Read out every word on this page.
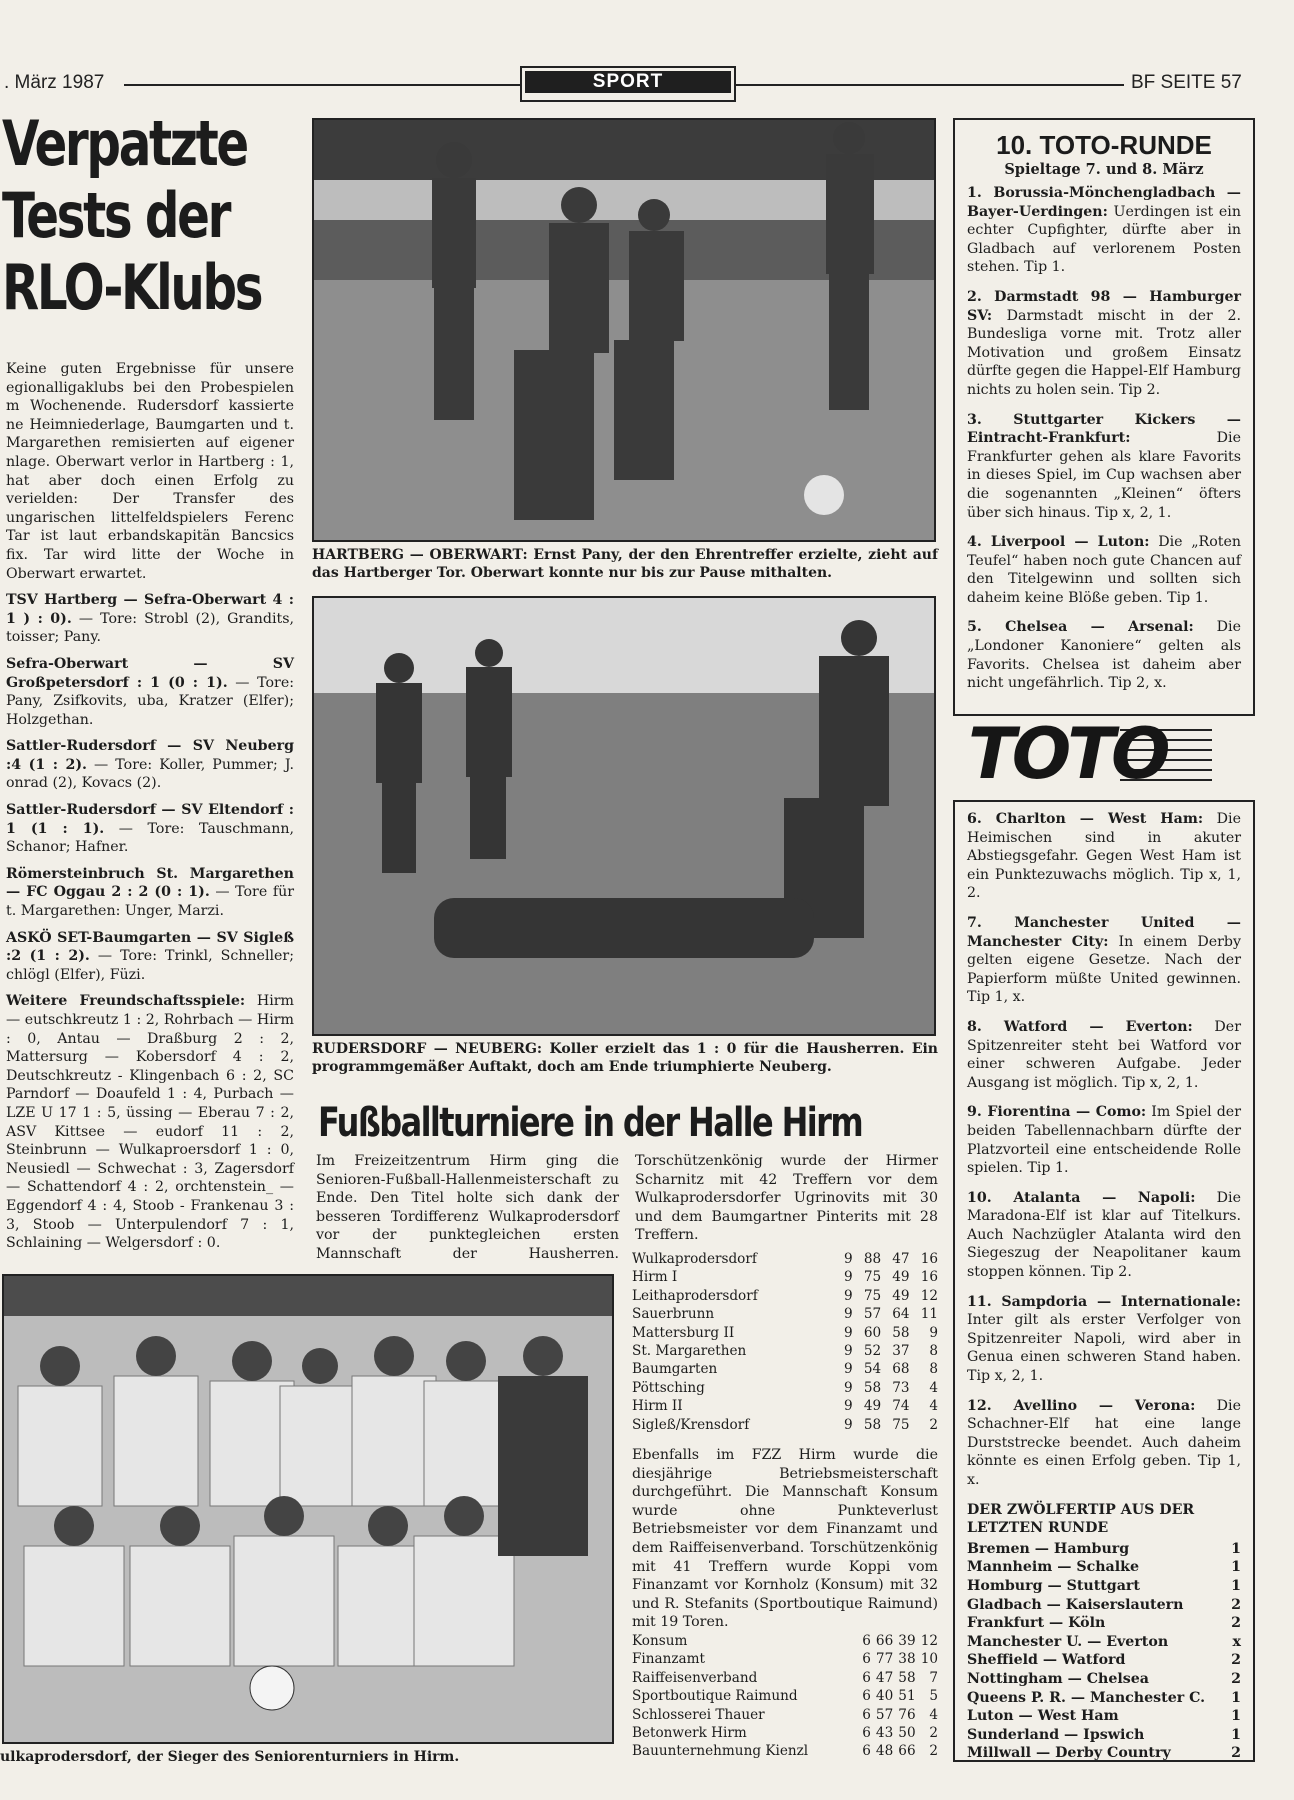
. März 1987	SPORT	BF SEITE 57
Verpatzte
Tests der
RLO-Klubs

Keine guten Ergebnisse für unsere egionalligaklubs bei den Probespielen m Wochenende. Rudersdorf kassierte ne Heimniederlage, Baumgarten und t. Margarethen remisierten auf eigener nlage. Oberwart verlor in Hartberg : 1, hat aber doch einen Erfolg zu verielden: Der Transfer des ungarischen littelfeldspielers Ferenc Tar ist laut erbandskapitän Bancsics fix. Tar wird litte der Woche in Oberwart erwartet.

TSV Hartberg — Sefra-Oberwart 4 : 1 ) : 0). — Tore: Strobl (2), Grandits, toisser; Pany.

Sefra-Oberwart — SV Großpetersdorf : 1 (0 : 1). — Tore: Pany, Zsifkovits, uba, Kratzer (Elfer); Holzgethan.

Sattler-Rudersdorf — SV Neuberg :4 (1 : 2). — Tore: Koller, Pummer; J. onrad (2), Kovacs (2).

Sattler-Rudersdorf — SV Eltendorf : 1 (1 : 1). — Tore: Tauschmann, Schanor; Hafner.

Römersteinbruch St. Margarethen — FC Oggau 2 : 2 (0 : 1). — Tore für t. Margarethen: Unger, Marzi.

ASKÖ SET-Baumgarten — SV Sigleß :2 (1 : 2). — Tore: Trinkl, Schneller; chlögl (Elfer), Füzi.

Weitere Freundschaftsspiele: Hirm — eutschkreutz 1 : 2, Rohrbach — Hirm : 0, Antau — Draßburg 2 : 2, Mattersurg — Kobersdorf 4 : 2, Deutschkreutz - Klingenbach 6 : 2, SC Parndorf — Doaufeld 1 : 4, Purbach — LZE U 17 1 : 5, üssing — Eberau 7 : 2, ASV Kittsee — eudorf 11 : 2, Steinbrunn — Wulkaproersdorf 1 : 0, Neusiedl — Schwechat : 3, Zagersdorf — Schattendorf 4 : 2, orchtenstein_ — Eggendorf 4 : 4, Stoob - Frankenau 3 : 3, Stoob — Unterpulendorf 7 : 1, Schlaining — Welgersdorf : 0.

HARTBERG — OBERWART: Ernst Pany, der den Ehrentreffer erzielte, zieht auf das Hartberger Tor. Oberwart konnte nur bis zur Pause mithalten.
RUDERSDORF — NEUBERG: Koller erzielt das 1 : 0 für die Hausherren. Ein programmgemäßer Auftakt, doch am Ende triumphierte Neuberg.
Fußballturniere in der Halle Hirm
Im Freizeitzentrum Hirm ging die Senioren-Fußball-Hallenmeisterschaft zu Ende. Den Titel holte sich dank der besseren Tordifferenz Wulkaprodersdorf vor der punktegleichen ersten Mannschaft der Hausherren. Torschützenkönig wurde der Hirmer Scharnitz mit 42 Treffern vor dem Wulkaprodersdorfer Ugrinovits mit 30 und dem Baumgartner Pinterits mit 28 Treffern.
Wulkaprodersdorf	9	88	47	16
Hirm I	9	75	49	16
Leithaprodersdorf	9	75	49	12
Sauerbrunn	9	57	64	11
Mattersburg II	9	60	58	9
St. Margarethen	9	52	37	8
Baumgarten	9	54	68	8
Pöttsching	9	58	73	4
Hirm II	9	49	74	4
Sigleß/Krensdorf	9	58	75	2
Ebenfalls im FZZ Hirm wurde die diesjährige Betriebsmeisterschaft durchgeführt. Die Mannschaft Konsum wurde ohne Punkteverlust Betriebsmeister vor dem Finanzamt und dem Raiffeisenverband. Torschützenkönig mit 41 Treffern wurde Koppi vom Finanzamt vor Kornholz (Konsum) mit 32 und R. Stefanits (Sportboutique Raimund) mit 19 Toren.
Konsum	6	66	39	12
Finanzamt	6	77	38	10
Raiffeisenverband	6	47	58	7
Sportboutique Raimund	6	40	51	5
Schlosserei Thauer	6	57	76	4
Betonwerk Hirm	6	43	50	2
Bauunternehmung Kienzl	6	48	66	2
ulkaprodersdorf, der Sieger des Seniorenturniers in Hirm.
10. TOTO-RUNDE
Spieltage 7. und 8. März

1. Borussia-Mönchengladbach — Bayer-Uerdingen: Uerdingen ist ein echter Cupfighter, dürfte aber in Gladbach auf verlorenem Posten stehen. Tip 1.

2. Darmstadt 98 — Hamburger SV: Darmstadt mischt in der 2. Bundesliga vorne mit. Trotz aller Motivation und großem Einsatz dürfte gegen die Happel-Elf Hamburg nichts zu holen sein. Tip 2.

3. Stuttgarter Kickers — Eintracht-Frankfurt: Die Frankfurter gehen als klare Favorits in dieses Spiel, im Cup wachsen aber die sogenannten „Kleinen“ öfters über sich hinaus. Tip x, 2, 1.

4. Liverpool — Luton: Die „Roten Teufel“ haben noch gute Chancen auf den Titelgewinn und sollten sich daheim keine Blöße geben. Tip 1.

5. Chelsea — Arsenal: Die „Londoner Kanoniere“ gelten als Favorits. Chelsea ist daheim aber nicht ungefährlich. Tip 2, x.

TOTO

6. Charlton — West Ham: Die Heimischen sind in akuter Abstiegsgefahr. Gegen West Ham ist ein Punktezuwachs möglich. Tip x, 1, 2.

7. Manchester United — Manchester City: In einem Derby gelten eigene Gesetze. Nach der Papierform müßte United gewinnen. Tip 1, x.

8. Watford — Everton: Der Spitzenreiter steht bei Watford vor einer schweren Aufgabe. Jeder Ausgang ist möglich. Tip x, 2, 1.

9. Fiorentina — Como: Im Spiel der beiden Tabellennachbarn dürfte der Platzvorteil eine entscheidende Rolle spielen. Tip 1.

10. Atalanta — Napoli: Die Maradona-Elf ist klar auf Titelkurs. Auch Nachzügler Atalanta wird den Siegeszug der Neapolitaner kaum stoppen können. Tip 2.

11. Sampdoria — Internationale: Inter gilt als erster Verfolger von Spitzenreiter Napoli, wird aber in Genua einen schweren Stand haben. Tip x, 2, 1.

12. Avellino — Verona: Die Schachner-Elf hat eine lange Durststrecke beendet. Auch daheim könnte es einen Erfolg geben. Tip 1, x.

DER ZWÖLFERTIP AUS DER LETZTEN RUNDE
Bremen — Hamburg	1
Mannheim — Schalke	1
Homburg — Stuttgart	1
Gladbach — Kaiserslautern	2
Frankfurt — Köln	2
Manchester U. — Everton	x
Sheffield — Watford	2
Nottingham — Chelsea	2
Queens P. R. — Manchester C.	1
Luton — West Ham	1
Sunderland — Ipswich	1
Millwall — Derby Country	2
